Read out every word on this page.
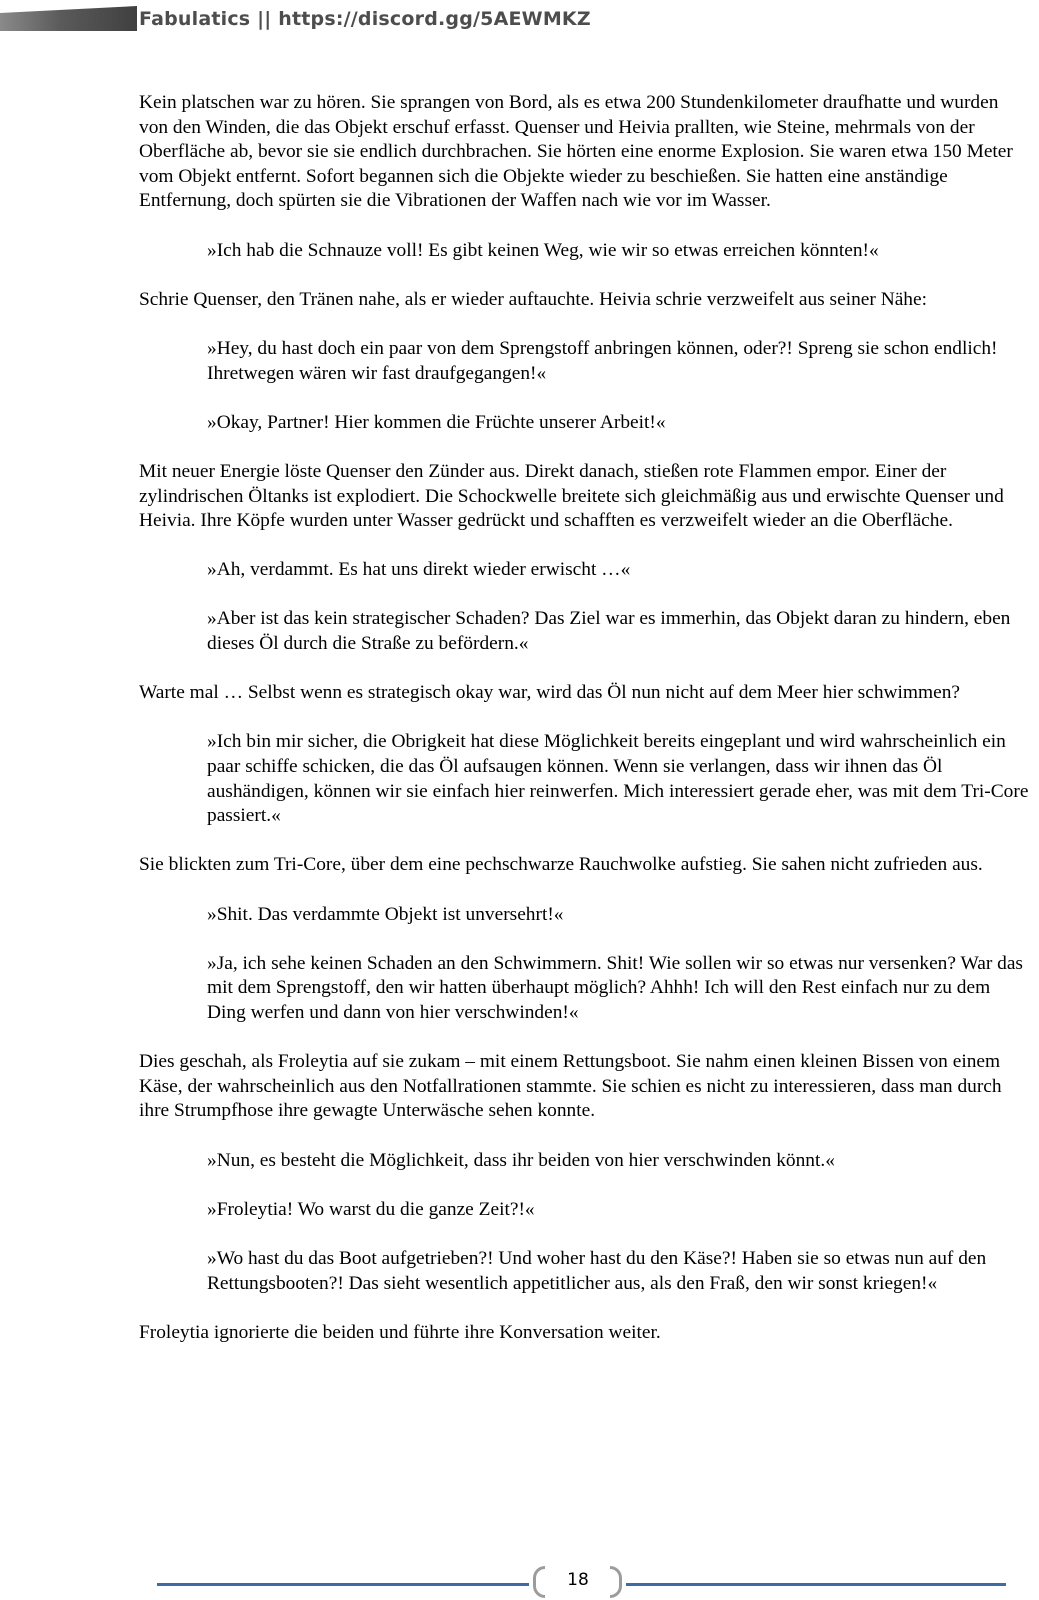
Fabulatics || https://discord.gg/5AEWMKZ

Kein platschen war zu hören. Sie sprangen von Bord, als es etwa 200 Stundenkilometer draufhatte und wurden von den Winden, die das Objekt erschuf erfasst. Quenser und Heivia prallten, wie Steine, mehrmals von der Oberfläche ab, bevor sie sie endlich durchbrachen. Sie hörten eine enorme Explosion. Sie waren etwa 150 Meter vom Objekt entfernt. Sofort begannen sich die Objekte wieder zu beschießen. Sie hatten eine anständige Entfernung, doch spürten sie die Vibrationen der Waffen nach wie vor im Wasser.

»Ich hab die Schnauze voll! Es gibt keinen Weg, wie wir so etwas erreichen könnten!«

Schrie Quenser, den Tränen nahe, als er wieder auftauchte. Heivia schrie verzweifelt aus seiner Nähe:

»Hey, du hast doch ein paar von dem Sprengstoff anbringen können, oder?! Spreng sie schon endlich! Ihretwegen wären wir fast draufgegangen!«

»Okay, Partner! Hier kommen die Früchte unserer Arbeit!«

Mit neuer Energie löste Quenser den Zünder aus. Direkt danach, stießen rote Flammen empor. Einer der zylindrischen Öltanks ist explodiert. Die Schockwelle breitete sich gleichmäßig aus und erwischte Quenser und Heivia. Ihre Köpfe wurden unter Wasser gedrückt und schafften es verzweifelt wieder an die Oberfläche.

»Ah, verdammt. Es hat uns direkt wieder erwischt …«

»Aber ist das kein strategischer Schaden? Das Ziel war es immerhin, das Objekt daran zu hindern, eben dieses Öl durch die Straße zu befördern.«

Warte mal … Selbst wenn es strategisch okay war, wird das Öl nun nicht auf dem Meer hier schwimmen?

»Ich bin mir sicher, die Obrigkeit hat diese Möglichkeit bereits eingeplant und wird wahrscheinlich ein paar schiffe schicken, die das Öl aufsaugen können. Wenn sie verlangen, dass wir ihnen das Öl aushändigen, können wir sie einfach hier reinwerfen. Mich interessiert gerade eher, was mit dem Tri-Core passiert.«

Sie blickten zum Tri-Core, über dem eine pechschwarze Rauchwolke aufstieg. Sie sahen nicht zufrieden aus.

»Shit. Das verdammte Objekt ist unversehrt!«

»Ja, ich sehe keinen Schaden an den Schwimmern. Shit! Wie sollen wir so etwas nur versenken? War das mit dem Sprengstoff, den wir hatten überhaupt möglich? Ahhh! Ich will den Rest einfach nur zu dem Ding werfen und dann von hier verschwinden!«

Dies geschah, als Froleytia auf sie zukam – mit einem Rettungsboot. Sie nahm einen kleinen Bissen von einem Käse, der wahrscheinlich aus den Notfallrationen stammte. Sie schien es nicht zu interessieren, dass man durch ihre Strumpfhose ihre gewagte Unterwäsche sehen konnte.

»Nun, es besteht die Möglichkeit, dass ihr beiden von hier verschwinden könnt.«

»Froleytia! Wo warst du die ganze Zeit?!«

»Wo hast du das Boot aufgetrieben?! Und woher hast du den Käse?! Haben sie so etwas nun auf den Rettungsbooten?! Das sieht wesentlich appetitlicher aus, als den Fraß, den wir sonst kriegen!«

Froleytia ignorierte die beiden und führte ihre Konversation weiter.

18
